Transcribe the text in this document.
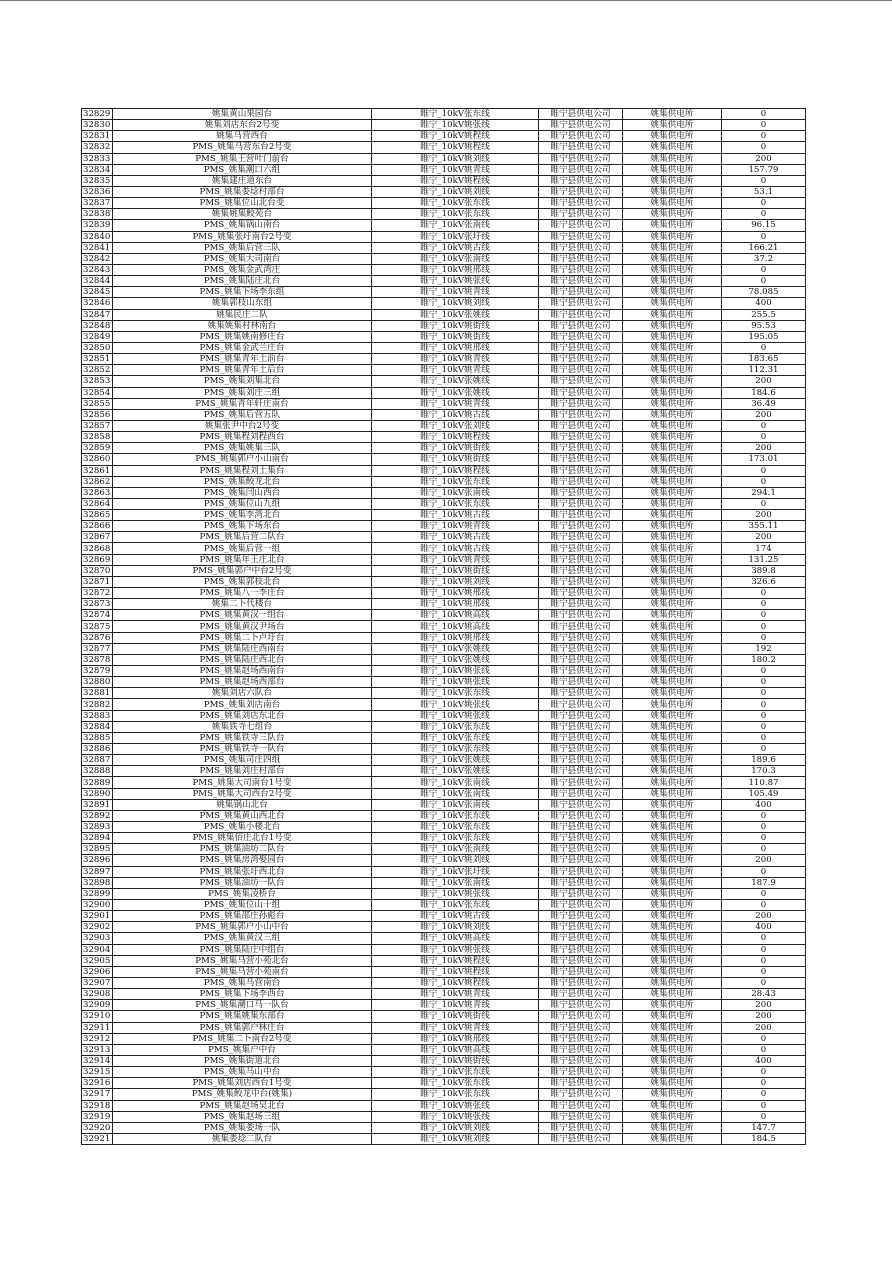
32829	姚集黄山果园台	睢宁_10kV张东线	睢宁县供电公司	姚集供电所	0
32830	姚集刘店东台2号变	睢宁_10kV姚张线	睢宁县供电公司	姚集供电所	0
32831	姚集马营西台	睢宁_10kV姚程线	睢宁县供电公司	姚集供电所	0
32832	PMS_姚集马营东台2号变	睢宁_10kV姚程线	睢宁县供电公司	姚集供电所	0
32833	PMS_姚集王营叶门前台	睢宁_10kV姚刘线	睢宁县供电公司	姚集供电所	200
32834	PMS_姚集潮口六组	睢宁_10kV姚青线	睢宁县供电公司	姚集供电所	157.79
32835	姚集建庄道东台	睢宁_10kV姚程线	睢宁县供电公司	姚集供电所	0
32836	PMS_姚集娄埝村部台	睢宁_10kV姚刘线	睢宁县供电公司	姚集供电所	53.1
32837	PMS_姚集位山北台变	睢宁_10kV张东线	睢宁县供电公司	姚集供电所	0
32838	姚集姚集鲛苑台	睢宁_10kV张东线	睢宁县供电公司	姚集供电所	0
32839	PMS_姚集锅山南台	睢宁_10kV张南线	睢宁县供电公司	姚集供电所	96.15
32840	PMS_姚集张圩南台2号变	睢宁_10kV张圩线	睢宁县供电公司	姚集供电所	0
32841	PMS_姚集后营三队	睢宁_10kV姚古线	睢宁县供电公司	姚集供电所	166.21
32842	PMS_姚集大司南台	睢宁_10kV张南线	睢宁县供电公司	姚集供电所	37.2
32843	PMS_姚集金武湾庄	睢宁_10kV姚邢线	睢宁县供电公司	姚集供电所	0
32844	PMS_姚集陆庄北台	睢宁_10kV姚张线	睢宁县供电公司	姚集供电所	0
32845	PMS_姚集下场李东组	睢宁_10kV姚青线	睢宁县供电公司	姚集供电所	78.085
32846	姚集郭枝山东组	睢宁_10kV姚刘线	睢宁县供电公司	姚集供电所	400
32847	姚集民庄二队	睢宁_10kV张姚线	睢宁县供电公司	姚集供电所	255.5
32848	姚集姚集村林南台	睢宁_10kV姚街线	睢宁县供电公司	姚集供电所	95.53
32849	PMS_姚集姚南修庄台	睢宁_10kV姚街线	睢宁县供电公司	姚集供电所	195.05
32850	PMS_姚集金武兰庄台	睢宁_10kV姚邢线	睢宁县供电公司	姚集供电所	0
32851	PMS_姚集青年土前台	睢宁_10kV姚青线	睢宁县供电公司	姚集供电所	183.65
32852	PMS_姚集青年土后台	睢宁_10kV姚青线	睢宁县供电公司	姚集供电所	112.31
32853	PMS_姚集刘集北台	睢宁_10kV张姚线	睢宁县供电公司	姚集供电所	200
32854	PMS_姚集刘庄三组	睢宁_10kV张姚线	睢宁县供电公司	姚集供电所	184.6
32855	PMS_姚集青年轩庄南台	睢宁_10kV姚青线	睢宁县供电公司	姚集供电所	36.49
32856	PMS_姚集后营五队	睢宁_10kV姚古线	睢宁县供电公司	姚集供电所	200
32857	姚集张尹中台2号变	睢宁_10kV张刘线	睢宁县供电公司	姚集供电所	0
32858	PMS_姚集程刘程西台	睢宁_10kV姚程线	睢宁县供电公司	姚集供电所	0
32859	PMS_姚集姚集三队	睢宁_10kV姚街线	睢宁县供电公司	姚集供电所	200
32860	PMS_姚集郭户小山南台	睢宁_10kV姚街线	睢宁县供电公司	姚集供电所	173.01
32861	PMS_姚集程刘土集台	睢宁_10kV姚程线	睢宁县供电公司	姚集供电所	0
32862	PMS_姚集鲛龙北台	睢宁_10kV张东线	睢宁县供电公司	姚集供电所	0
32863	PMS_姚集闫山西台	睢宁_10kV张南线	睢宁县供电公司	姚集供电所	294.1
32864	PMS_姚集位山九组	睢宁_10kV张东线	睢宁县供电公司	姚集供电所	0
32865	PMS_姚集李湾北台	睢宁_10kV姚古线	睢宁县供电公司	姚集供电所	200
32866	PMS_姚集下场东台	睢宁_10kV姚青线	睢宁县供电公司	姚集供电所	355.11
32867	PMS_姚集后营二队台	睢宁_10kV姚古线	睢宁县供电公司	姚集供电所	200
32868	PMS_姚集后营一组	睢宁_10kV姚古线	睢宁县供电公司	姚集供电所	174
32869	PMS_姚集年王庄北台	睢宁_10kV姚青线	睢宁县供电公司	姚集供电所	131.25
32870	PMS_姚集郭户中台2号变	睢宁_10kV姚街线	睢宁县供电公司	姚集供电所	389.8
32871	PMS_姚集郭枝北台	睢宁_10kV姚刘线	睢宁县供电公司	姚集供电所	326.6
32872	PMS_姚集八一李庄台	睢宁_10kV姚邢线	睢宁县供电公司	姚集供电所	0
32873	姚集二卜代楼台	睢宁_10kV姚邢线	睢宁县供电公司	姚集供电所	0
32874	PMS_姚集黄汉一组台	睢宁_10kV姚高线	睢宁县供电公司	姚集供电所	0
32875	PMS_姚集黄汉尹场台	睢宁_10kV姚高线	睢宁县供电公司	姚集供电所	0
32876	PMS_姚集二卜卢圩台	睢宁_10kV姚邢线	睢宁县供电公司	姚集供电所	0
32877	PMS_姚集陆庄西南台	睢宁_10kV张姚线	睢宁县供电公司	姚集供电所	192
32878	PMS_姚集陆庄西北台	睢宁_10kV张姚线	睢宁县供电公司	姚集供电所	180.2
32879	PMS_姚集赵场西南台	睢宁_10kV姚张线	睢宁县供电公司	姚集供电所	0
32880	PMS_姚集赵场西部台	睢宁_10kV姚张线	睢宁县供电公司	姚集供电所	0
32881	姚集刘店六队台	睢宁_10kV张东线	睢宁县供电公司	姚集供电所	0
32882	PMS_姚集刘店南台	睢宁_10kV姚张线	睢宁县供电公司	姚集供电所	0
32883	PMS_姚集刘店东北台	睢宁_10kV姚张线	睢宁县供电公司	姚集供电所	0
32884	姚集铁寺七组台	睢宁_10kV张东线	睢宁县供电公司	姚集供电所	0
32885	PMS_姚集铁寺三队台	睢宁_10kV张东线	睢宁县供电公司	姚集供电所	0
32886	PMS_姚集铁寺一队台	睢宁_10kV张东线	睢宁县供电公司	姚集供电所	0
32887	PMS_姚集司庄四组	睢宁_10kV张姚线	睢宁县供电公司	姚集供电所	189.6
32888	PMS_姚集刘庄村部台	睢宁_10kV张姚线	睢宁县供电公司	姚集供电所	170.3
32889	PMS_姚集大司南台1号变	睢宁_10kV张南线	睢宁县供电公司	姚集供电所	110.87
32890	PMS_姚集大司西台2号变	睢宁_10kV张南线	睢宁县供电公司	姚集供电所	105.49
32891	姚集锅山北台	睢宁_10kV张南线	睢宁县供电公司	姚集供电所	400
32892	PMS_姚集黄山西北台	睢宁_10kV张东线	睢宁县供电公司	姚集供电所	0
32893	PMS_姚集小楼北台	睢宁_10kV张东线	睢宁县供电公司	姚集供电所	0
32894	PMS_姚集佰庄北台1号变	睢宁_10kV张东线	睢宁县供电公司	姚集供电所	0
32895	PMS_姚集油坊二队台	睢宁_10kV张南线	睢宁县供电公司	姚集供电所	0
32896	PMS_姚集房湾娶园台	睢宁_10kV姚刘线	睢宁县供电公司	姚集供电所	200
32897	PMS_姚集张圩西北台	睢宁_10kV张圩线	睢宁县供电公司	姚集供电所	0
32898	PMS_姚集油坊一队台	睢宁_10kV张南线	睢宁县供电公司	姚集供电所	187.9
32899	PMS_姚集凌桥台	睢宁_10kV姚张线	睢宁县供电公司	姚集供电所	0
32900	PMS_姚集位山十组	睢宁_10kV张东线	睢宁县供电公司	姚集供电所	0
32901	PMS_姚集邵庄孙彪台	睢宁_10kV姚古线	睢宁县供电公司	姚集供电所	200
32902	PMS_姚集郭户小山中台	睢宁_10kV姚刘线	睢宁县供电公司	姚集供电所	400
32903	PMS_姚集黄汉三组	睢宁_10kV姚高线	睢宁县供电公司	姚集供电所	0
32904	PMS_姚集陆庄中组台	睢宁_10kV姚张线	睢宁县供电公司	姚集供电所	0
32905	PMS_姚集马营小苑北台	睢宁_10kV姚程线	睢宁县供电公司	姚集供电所	0
32906	PMS_姚集马营小苑南台	睢宁_10kV姚程线	睢宁县供电公司	姚集供电所	0
32907	PMS_姚集马营南台	睢宁_10kV姚程线	睢宁县供电公司	姚集供电所	0
32908	PMS_姚集下场李西台	睢宁_10kV姚青线	睢宁县供电公司	姚集供电所	28.43
32909	PMS_姚集潮口马一队台	睢宁_10kV姚青线	睢宁县供电公司	姚集供电所	200
32910	PMS_姚集姚集东部台	睢宁_10kV姚街线	睢宁县供电公司	姚集供电所	200
32911	PMS_姚集郭户林庄台	睢宁_10kV姚青线	睢宁县供电公司	姚集供电所	200
32912	PMS_姚集二卜南台2号变	睢宁_10kV姚邢线	睢宁县供电公司	姚集供电所	0
32913	PMS_姚集户中台	睢宁_10kV姚高线	睢宁县供电公司	姚集供电所	0
32914	PMS_姚集街道北台	睢宁_10kV姚街线	睢宁县供电公司	姚集供电所	400
32915	PMS_姚集马山中台	睢宁_10kV张东线	睢宁县供电公司	姚集供电所	0
32916	PMS_姚集刘店西台1号变	睢宁_10kV张东线	睢宁县供电公司	姚集供电所	0
32917	PMS_姚集鲛龙中台(姚集)	睢宁_10kV张东线	睢宁县供电公司	姚集供电所	0
32918	PMS_姚集赵场吴北台	睢宁_10kV姚张线	睢宁县供电公司	姚集供电所	0
32919	PMS_姚集赵场三组	睢宁_10kV姚张线	睢宁县供电公司	姚集供电所	0
32920	PMS_姚集娄场一队	睢宁_10kV姚刘线	睢宁县供电公司	姚集供电所	147.7
32921	姚集娄埝二队台	睢宁_10kV姚刘线	睢宁县供电公司	姚集供电所	184.5
